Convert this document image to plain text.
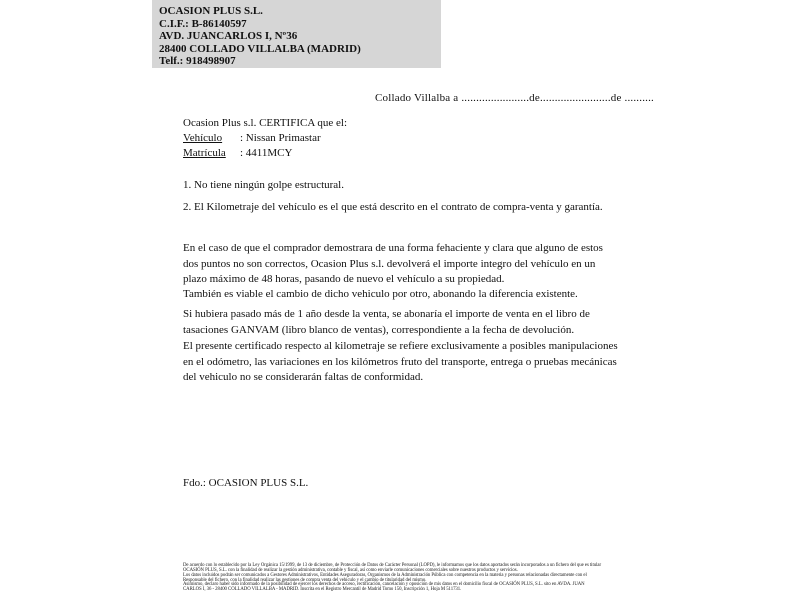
OCASION PLUS S.L.
C.I.F.: B-86140597
AVD. JUANCARLOS I, Nº36
28400 COLLADO VILLALBA (MADRID)
Telf.: 918498907
Collado Villalba a .......................de........................de ..........
Ocasion Plus s.l. CERTIFICA que el:
Vehículo : Nissan Primastar
Matrícula : 4411MCY
1. No tiene ningún golpe estructural.
2. El Kilometraje del vehículo es el que está descrito en el contrato de compra-venta y garantía.
En el caso de que el comprador demostrara de una forma fehaciente y clara que alguno de estos dos puntos no son correctos, Ocasion Plus s.l. devolverá el importe integro del vehículo en un plazo máximo de 48 horas, pasando de nuevo el vehículo a su propiedad.
También es viable el cambio de dicho vehiculo por otro, abonando la diferencia existente.
Si hubiera pasado más de 1 año desde la venta, se abonaría el importe de venta en el libro de tasaciones GANVAM (libro blanco de ventas), correspondiente a la fecha de devolución.
El presente certificado respecto al kilometraje se refiere exclusivamente a posibles manipulaciones en el odómetro, las variaciones en los kilómetros fruto del transporte, entrega o pruebas mecánicas del vehiculo no se considerarán faltas de conformidad.
Fdo.: OCASION PLUS S.L.
De acuerdo con lo establecido por la Ley Orgánica 15/1999, de 13 de diciembre, de Protección de Datos de Carácter Personal (LOPD), le informamos que los datos aportados serán incorporados a un fichero del que es titular
OCASIÓN PLUS, S.L. con la finalidad de realizar la gestión administrativa, contable y fiscal, así como enviarle comunicaciones comerciales sobre nuestros productos y servicios.
Los datos incluidos podrán ser comunicados a Gestores Administrativos, Entidades Aseguradoras, Organismos de la Administración Pública con competencia en la materia y personas relacionadas directamente con el
Responsable del fichero, con la finalidad realizar las gestiones de compra venta del vehículo y el cambio de titularidad del mismo.
Asimismo, declaro haber sido informado de la posibilidad de ejercer los derechos de acceso, rectificación, cancelación y oposición de mis datos en el domicilio fiscal de OCASIÓN PLUS, S.L. sito en AVDA. JUAN
CARLOS I, 36 - 28400 COLLADO VILLALBA - MADRID. Inscrita en el Registro Mercantil de Madrid Tomo 150, Inscripción 1, Hoja M 511731.
